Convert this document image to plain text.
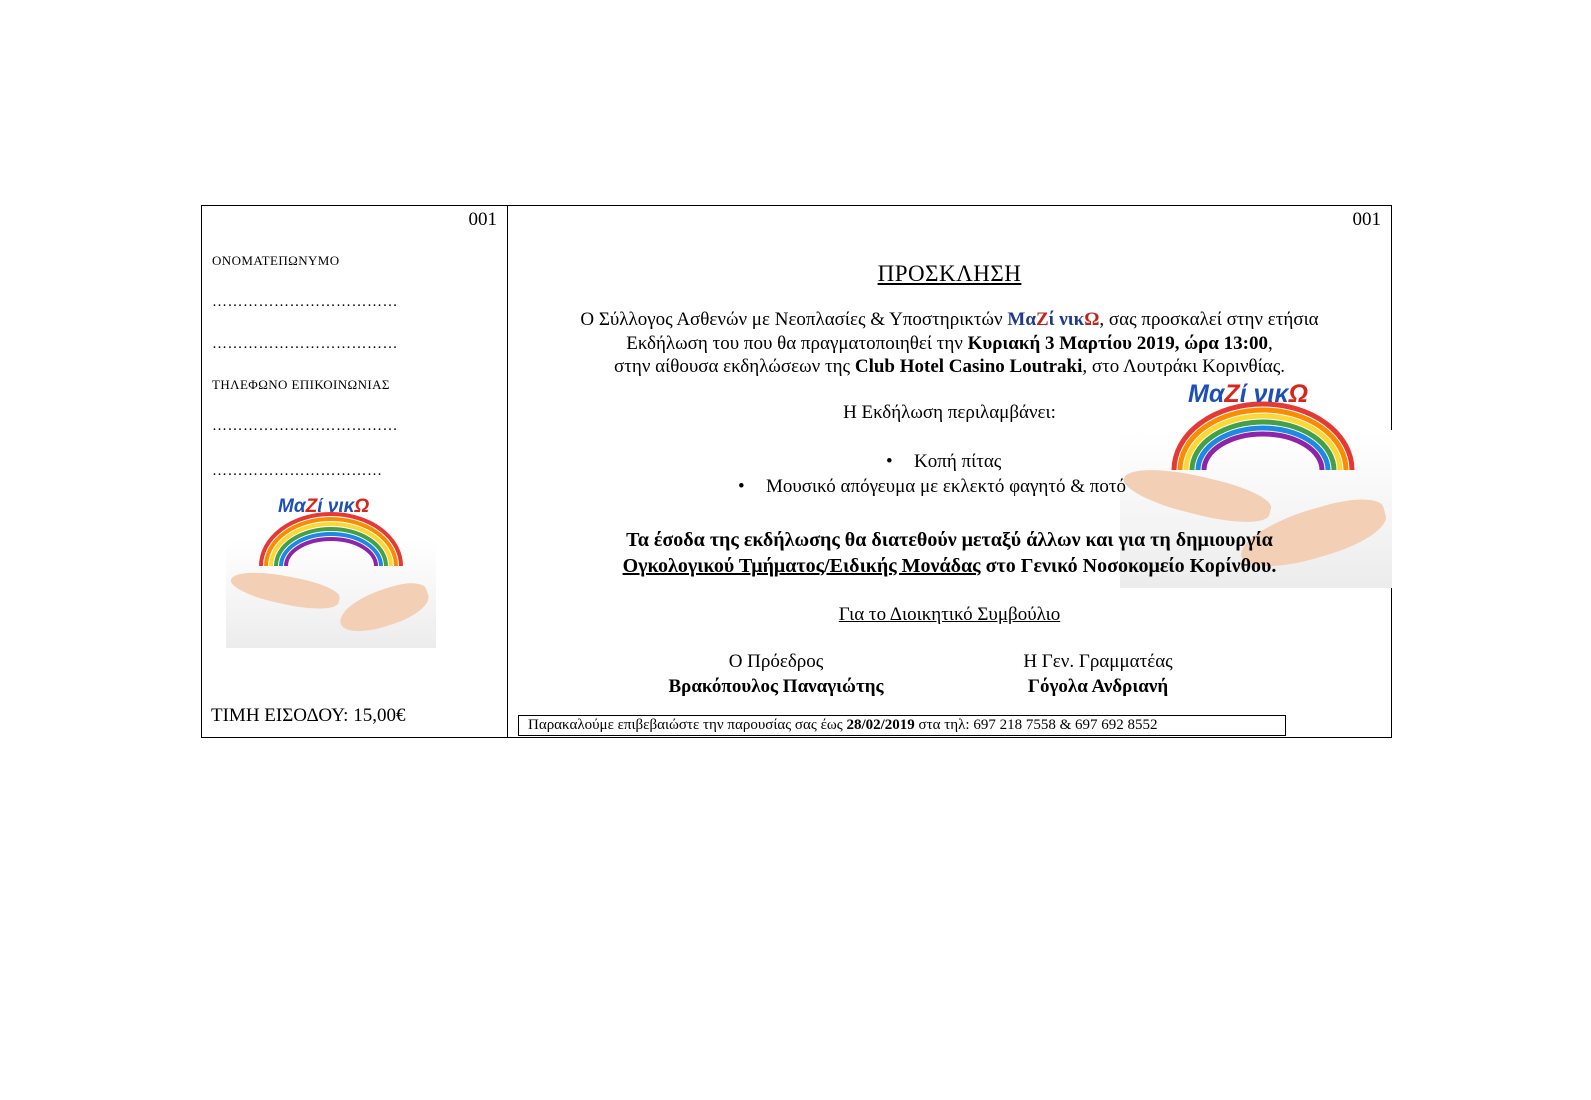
001
ΟΝΟΜΑΤΕΠΩΝΥΜΟ
………………………………
………………………………
ΤΗΛΕΦΩΝΟ ΕΠΙΚΟΙΝΩΝΙΑΣ
………………………………
……………………………
ΜαΖί νικΩ
ΤΙΜΗ ΕΙΣΟΔΟΥ: 15,00€
001
ΜαΖί νικΩ
ΠΡΟΣΚΛΗΣΗ
Ο Σύλλογος Ασθενών με Νεοπλασίες & Υποστηρικτών ΜαΖί νικΩ, σας προσκαλεί στην ετήσια
Εκδήλωση του που θα πραγματοποιηθεί την Κυριακή 3 Μαρτίου 2019, ώρα 13:00,
στην αίθουσα εκδηλώσεων της Club Hotel Casino Loutraki, στο Λουτράκι Κορινθίας.
Η Εκδήλωση περιλαμβάνει:
• Κοπή πίτας
• Μουσικό απόγευμα με εκλεκτό φαγητό & ποτό
Τα έσοδα της εκδήλωσης θα διατεθούν μεταξύ άλλων και για τη δημιουργία
Ογκολογικού Τμήματος/Ειδικής Μονάδας στο Γενικό Νοσοκομείο Κορίνθου.
Για το Διοικητικό Συμβούλιο
Ο Πρόεδρος
Βρακόπουλος Παναγιώτης
Η Γεν. Γραμματέας
Γόγολα Ανδριανή
Παρακαλούμε επιβεβαιώστε την παρουσίας σας έως 28/02/2019 στα τηλ: 697 218 7558 & 697 692 8552
